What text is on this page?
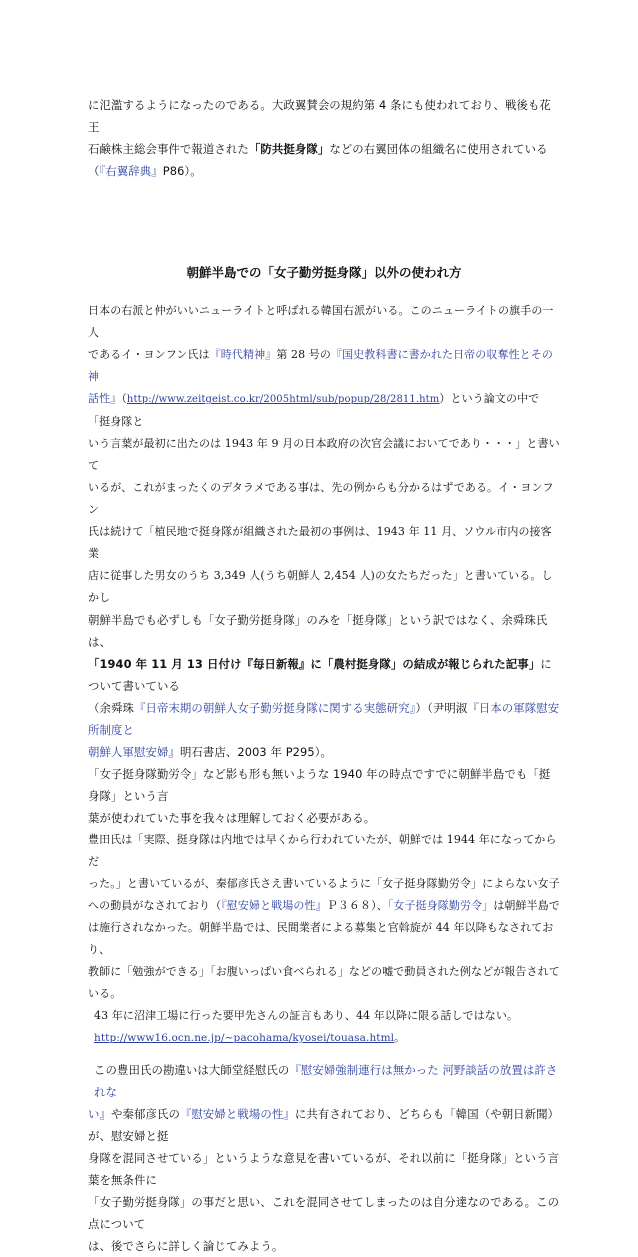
に氾濫するようになったのである。大政翼賛会の規約第 4 条にも使われており、戦後も花王

石鹸株主総会事件で報道された「防共挺身隊」などの右翼団体の組織名に使用されている

（『右翼辞典』P86）。

朝鮮半島での「女子勤労挺身隊」以外の使われ方

日本の右派と仲がいいニューライトと呼ばれる韓国右派がいる。このニューライトの旗手の一人

であるイ・ヨンフン氏は『時代精神』第 28 号の『国史教科書に書かれた日帝の収奪性とその神

話性』（http://www.zeitgeist.co.kr/2005html/sub/popup/28/2811.htm）という論文の中で「挺身隊と

いう言葉が最初に出たのは 1943 年 9 月の日本政府の次官会議においてであり・・・」と書いて

いるが、これがまったくのデタラメである事は、先の例からも分かるはずである。イ・ヨンフン

氏は続けて「植民地で挺身隊が組織された最初の事例は、1943 年 11 月、ソウル市内の接客業

店に従事した男女のうち 3,349 人(うち朝鮮人 2,454 人)の女たちだった」と書いている。しかし

朝鮮半島でも必ずしも「女子勤労挺身隊」のみを「挺身隊」という訳ではなく、余舜珠氏は、

「1940 年 11 月 13 日付け『毎日新報』に「農村挺身隊」の結成が報じられた記事」について書いている

（余舜珠『日帝末期の朝鮮人女子勤労挺身隊に関する実態研究』）（尹明淑『日本の軍隊慰安所制度と

朝鮮人軍慰安婦』明石書店、2003 年 P295）。

「女子挺身隊勤労令」など影も形も無いような 1940 年の時点ですでに朝鮮半島でも「挺身隊」という言

葉が使われていた事を我々は理解しておく必要がある。

豊田氏は「実際、挺身隊は内地では早くから行われていたが、朝鮮では 1944 年になってからだ

った。」と書いているが、秦郁彦氏さえ書いているように「女子挺身隊勤労令」によらない女子

への動員がなされており（『慰安婦と戦場の性』Ｐ３６８）、「女子挺身隊勤労令」は朝鮮半島で

は施行されなかった。朝鮮半島では、民間業者による募集と官斡旋が 44 年以降もなされており、

教師に「勉強ができる」「お腹いっぱい食べられる」などの嘘で動員された例などが報告されて

いる。

43 年に沼津工場に行った要甲先さんの証言もあり、44 年以降に限る話しではない。

http://www16.ocn.ne.jp/~pacohama/kyosei/touasa.html。

この豊田氏の勘違いは大師堂経慰氏の『慰安婦強制連行は無かった 河野談話の放置は許されな

い』や秦郁彦氏の『慰安婦と戦場の性』に共有されており、どちらも「韓国（や朝日新聞）が、慰安婦と挺

身隊を混同させている」というような意見を書いているが、それ以前に「挺身隊」という言葉を無条件に

「女子勤労挺身隊」の事だと思い、これを混同させてしまったのは自分達なのである。この点について

は、後でさらに詳しく論じてみよう。
